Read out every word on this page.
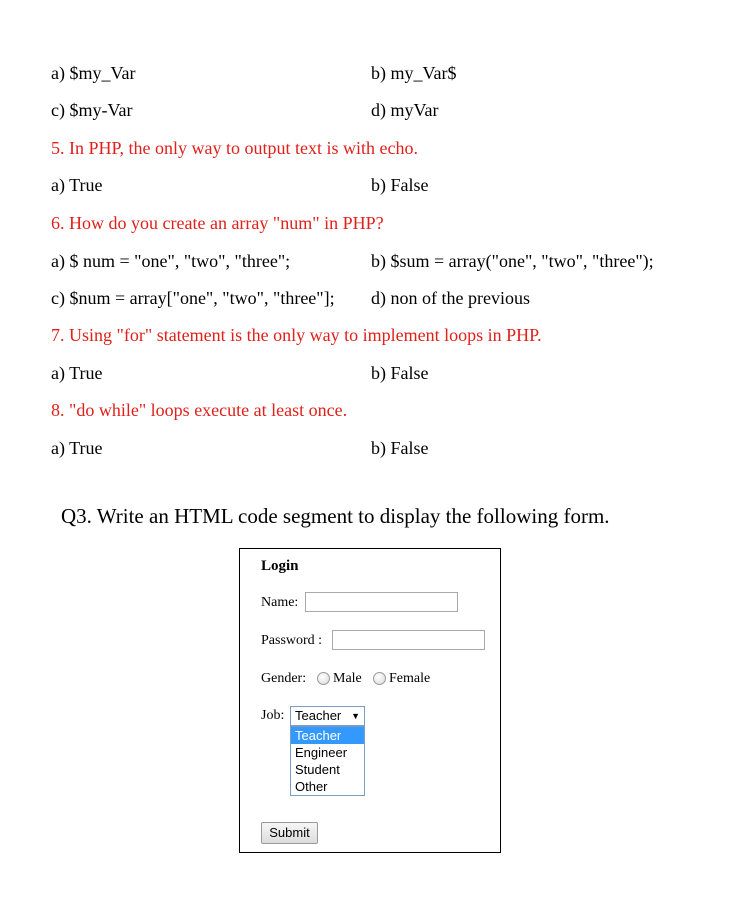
a) $my_Var	b) my_Var$
c) $my-Var	d) myVar
5. In PHP, the only way to output text is with echo.
a) True	b) False
6. How do you create an array "num" in PHP?
a) $ num = "one", "two", "three";	b) $sum = array("one", "two", "three");
c) $num = array["one", "two", "three"]; d) non of the previous
7. Using "for" statement is the only way to implement loops in PHP.
a) True	b) False
8. "do while" loops execute at least once.
a) True	b) False
Q3. Write an HTML code segment to display the following form.
Login
Name:
Password :
Gender: Male Female
Job: Teacher ▼
Teacher
Engineer
Student
Other
Submit
